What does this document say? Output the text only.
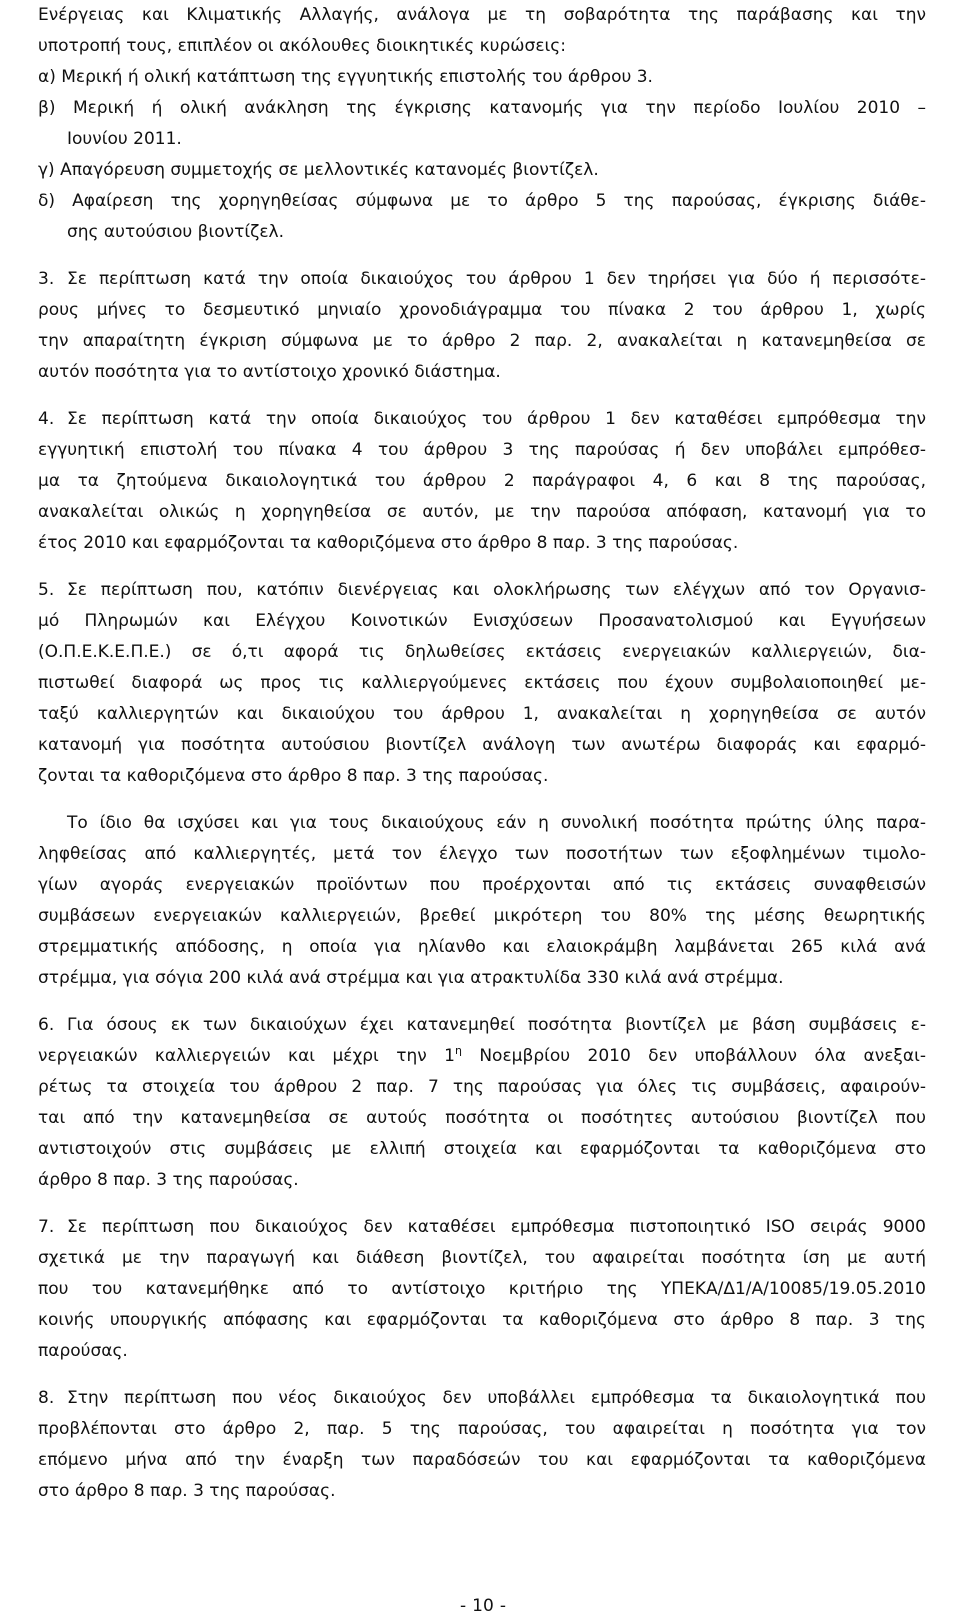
Ενέργειας και Κλιματικής Αλλαγής, ανάλογα με τη σοβαρότητα της παράβασης και την
υποτροπή τους, επιπλέον οι ακόλουθες διοικητικές κυρώσεις:
α) Μερική ή ολική κατάπτωση της εγγυητικής επιστολής του άρθρου 3.
β) Μερική ή ολική ανάκληση της έγκρισης κατανομής για την περίοδο Ιουλίου 2010 –
Ιουνίου 2011.
γ) Απαγόρευση συμμετοχής σε μελλοντικές κατανομές βιοντίζελ.
δ) Αφαίρεση της χορηγηθείσας σύμφωνα με το άρθρο 5 της παρούσας, έγκρισης διάθε-
σης αυτούσιου βιοντίζελ.
3. Σε περίπτωση κατά την οποία δικαιούχος του άρθρου 1 δεν τηρήσει για δύο ή περισσότε-
ρους μήνες το δεσμευτικό μηνιαίο χρονοδιάγραμμα του πίνακα 2 του άρθρου 1, χωρίς
την απαραίτητη έγκριση σύμφωνα με το άρθρο 2 παρ. 2, ανακαλείται η κατανεμηθείσα σε
αυτόν ποσότητα για το αντίστοιχο χρονικό διάστημα.
4. Σε περίπτωση κατά την οποία δικαιούχος του άρθρου 1 δεν καταθέσει εμπρόθεσμα την
εγγυητική επιστολή του πίνακα 4 του άρθρου 3 της παρούσας ή δεν υποβάλει εμπρόθεσ-
μα τα ζητούμενα δικαιολογητικά του άρθρου 2 παράγραφοι 4, 6 και 8 της παρούσας,
ανακαλείται ολικώς η χορηγηθείσα σε αυτόν, με την παρούσα απόφαση, κατανομή για το
έτος 2010 και εφαρμόζονται τα καθοριζόμενα στο άρθρο 8 παρ. 3 της παρούσας.
5. Σε περίπτωση που, κατόπιν διενέργειας και ολοκλήρωσης των ελέγχων από τον Οργανισ-
μό Πληρωμών και Ελέγχου Κοινοτικών Ενισχύσεων Προσανατολισμού και Εγγυήσεων
(Ο.Π.Ε.Κ.Ε.Π.Ε.) σε ό,τι αφορά τις δηλωθείσες εκτάσεις ενεργειακών καλλιεργειών, δια-
πιστωθεί διαφορά ως προς τις καλλιεργούμενες εκτάσεις που έχουν συμβολαιοποιηθεί με-
ταξύ καλλιεργητών και δικαιούχου του άρθρου 1, ανακαλείται η χορηγηθείσα σε αυτόν
κατανομή για ποσότητα αυτούσιου βιοντίζελ ανάλογη των ανωτέρω διαφοράς και εφαρμό-
ζονται τα καθοριζόμενα στο άρθρο 8 παρ. 3 της παρούσας.
Το ίδιο θα ισχύσει και για τους δικαιούχους εάν η συνολική ποσότητα πρώτης ύλης παρα-
ληφθείσας από καλλιεργητές, μετά τον έλεγχο των ποσοτήτων των εξοφλημένων τιμολο-
γίων αγοράς ενεργειακών προϊόντων που προέρχονται από τις εκτάσεις συναφθεισών
συμβάσεων ενεργειακών καλλιεργειών, βρεθεί μικρότερη του 80% της μέσης θεωρητικής
στρεμματικής απόδοσης, η οποία για ηλίανθο και ελαιοκράμβη λαμβάνεται 265 κιλά ανά
στρέμμα, για σόγια 200 κιλά ανά στρέμμα και για ατρακτυλίδα 330 κιλά ανά στρέμμα.
6. Για όσους εκ των δικαιούχων έχει κατανεμηθεί ποσότητα βιοντίζελ με βάση συμβάσεις ε-
νεργειακών καλλιεργειών και μέχρι την $1^\eta$ Νοεμβρίου 2010 δεν υποβάλλουν όλα ανεξαι-
ρέτως τα στοιχεία του άρθρου 2 παρ. 7 της παρούσας για όλες τις συμβάσεις, αφαιρούν-
ται από την κατανεμηθείσα σε αυτούς ποσότητα οι ποσότητες αυτούσιου βιοντίζελ που
αντιστοιχούν στις συμβάσεις με ελλιπή στοιχεία και εφαρμόζονται τα καθοριζόμενα στο
άρθρο 8 παρ. 3 της παρούσας.
7. Σε περίπτωση που δικαιούχος δεν καταθέσει εμπρόθεσμα πιστοποιητικό ISO σειράς 9000
σχετικά με την παραγωγή και διάθεση βιοντίζελ, του αφαιρείται ποσότητα ίση με αυτή
που του κατανεμήθηκε από το αντίστοιχο κριτήριο της ΥΠΕΚΑ/Δ1/Α/10085/19.05.2010
κοινής υπουργικής απόφασης και εφαρμόζονται τα καθοριζόμενα στο άρθρο 8 παρ. 3 της
παρούσας.
8. Στην περίπτωση που νέος δικαιούχος δεν υποβάλλει εμπρόθεσμα τα δικαιολογητικά που
προβλέπονται στο άρθρο 2, παρ. 5 της παρούσας, του αφαιρείται η ποσότητα για τον
επόμενο μήνα από την έναρξη των παραδόσεών του και εφαρμόζονται τα καθοριζόμενα
στο άρθρο 8 παρ. 3 της παρούσας.
- 10 -
